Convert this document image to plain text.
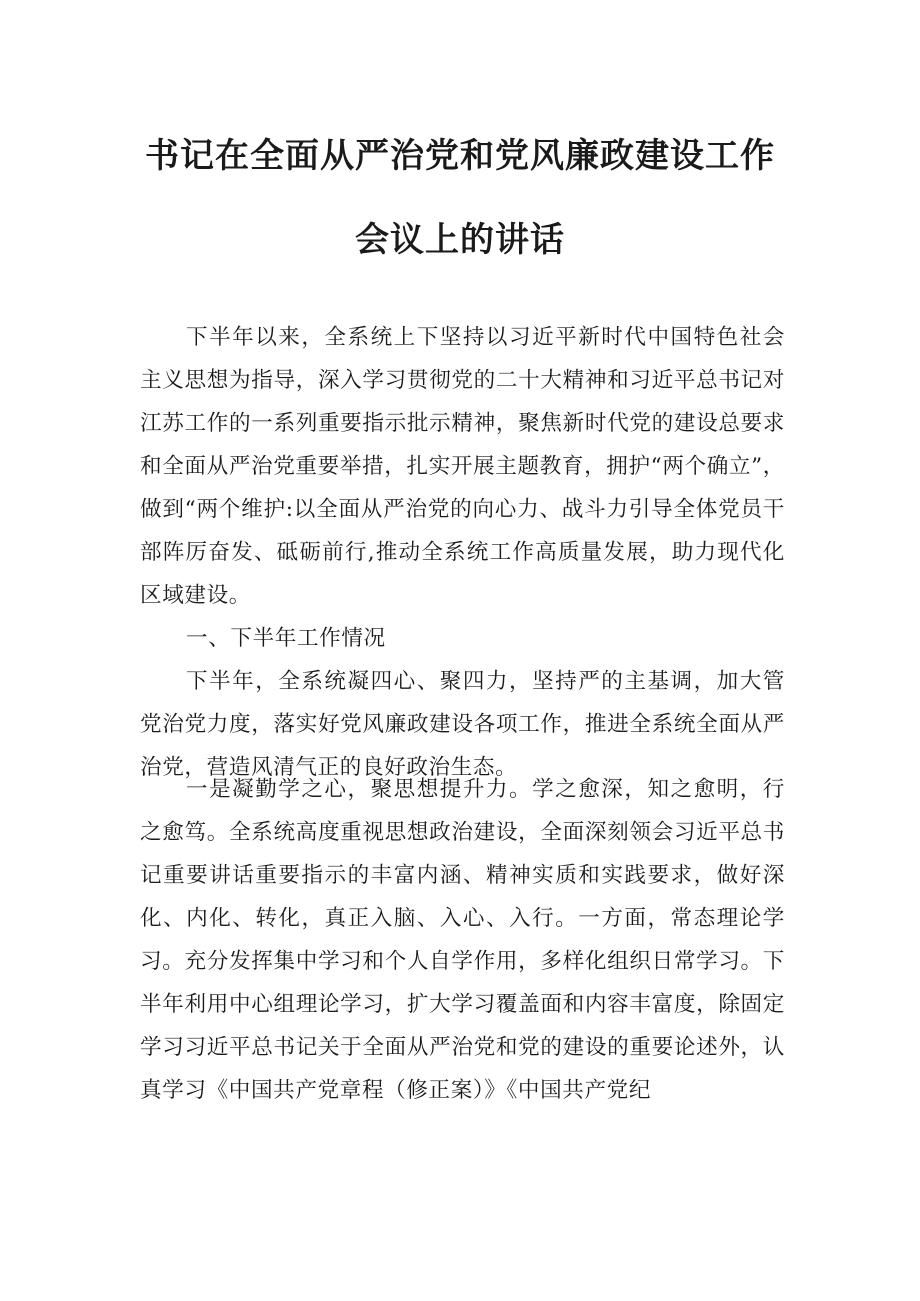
书记在全面从严治党和党风廉政建设工作
会议上的讲话

下半年以来，全系统上下坚持以习近平新时代中国特色社会主义思想为指导，深入学习贯彻党的二十大精神和习近平总书记对江苏工作的一系列重要指示批示精神，聚焦新时代党的建设总要求和全面从严治党重要举措，扎实开展主题教育，拥护“两个确立”，做到“两个维护:以全面从严治党的向心力、战斗力引导全体党员干部阵厉奋发、砥砺前行,推动全系统工作高质量发展，助力现代化区域建设。

一、下半年工作情况

下半年，全系统凝四心、聚四力，坚持严的主基调，加大管党治党力度，落实好党风廉政建设各项工作，推进全系统全面从严治党，营造风清气正的良好政治生态。

一是凝勤学之心，聚思想提升力。学之愈深，知之愈明，行之愈笃。全系统高度重视思想政治建设，全面深刻领会习近平总书记重要讲话重要指示的丰富内涵、精神实质和实践要求，做好深化、内化、转化，真正入脑、入心、入行。一方面，常态理论学习。充分发挥集中学习和个人自学作用，多样化组织日常学习。下半年利用中心组理论学习，扩大学习覆盖面和内容丰富度，除固定学习习近平总书记关于全面从严治党和党的建设的重要论述外，认真学习《中国共产党章程（修正案）》《中国共产党纪
